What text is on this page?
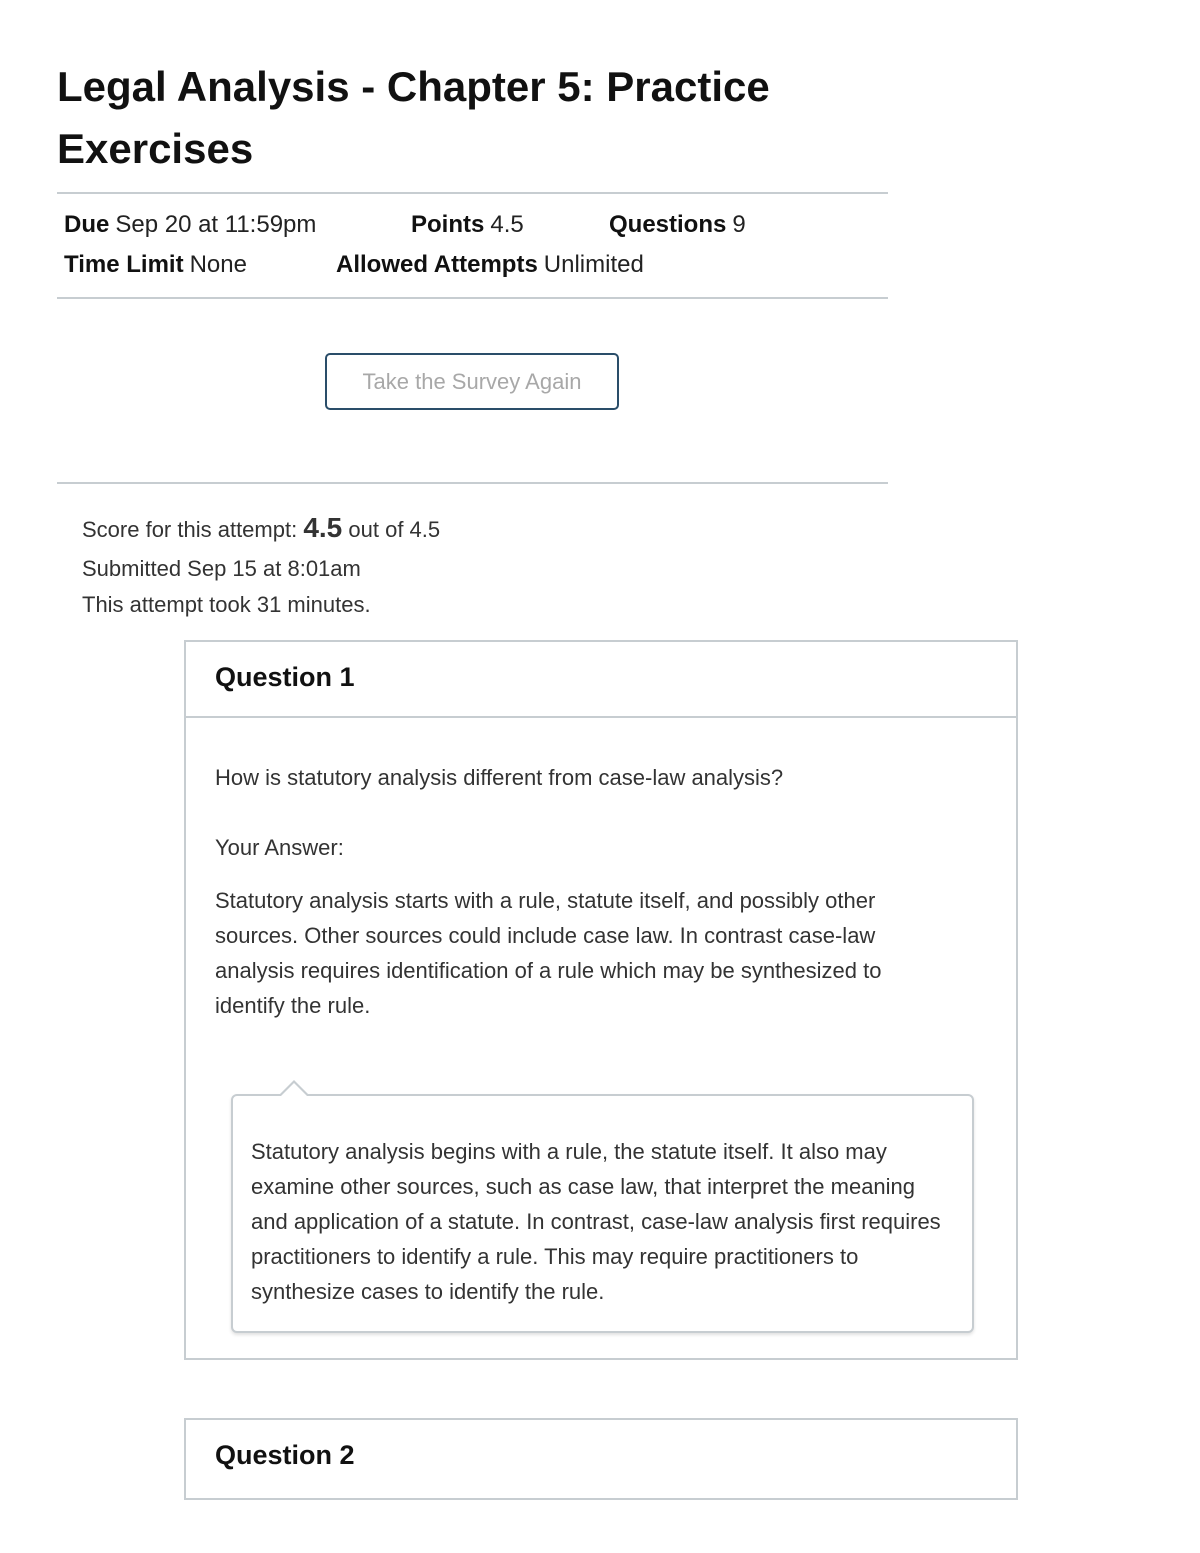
Legal Analysis - Chapter 5: Practice Exercises
Due Sep 20 at 11:59pm	Points 4.5	Questions 9
Time Limit None	Allowed Attempts Unlimited
Take the Survey Again
Score for this attempt: 4.5 out of 4.5
Submitted Sep 15 at 8:01am
This attempt took 31 minutes.
Question 1
How is statutory analysis different from case-law analysis?
Your Answer:
Statutory analysis starts with a rule, statute itself, and possibly other sources. Other sources could include case law. In contrast case-law analysis requires identification of a rule which may be synthesized to identify the rule.
Statutory analysis begins with a rule, the statute itself. It also may examine other sources, such as case law, that interpret the meaning and application of a statute. In contrast, case-law analysis first requires practitioners to identify a rule. This may require practitioners to synthesize cases to identify the rule.
Question 2
